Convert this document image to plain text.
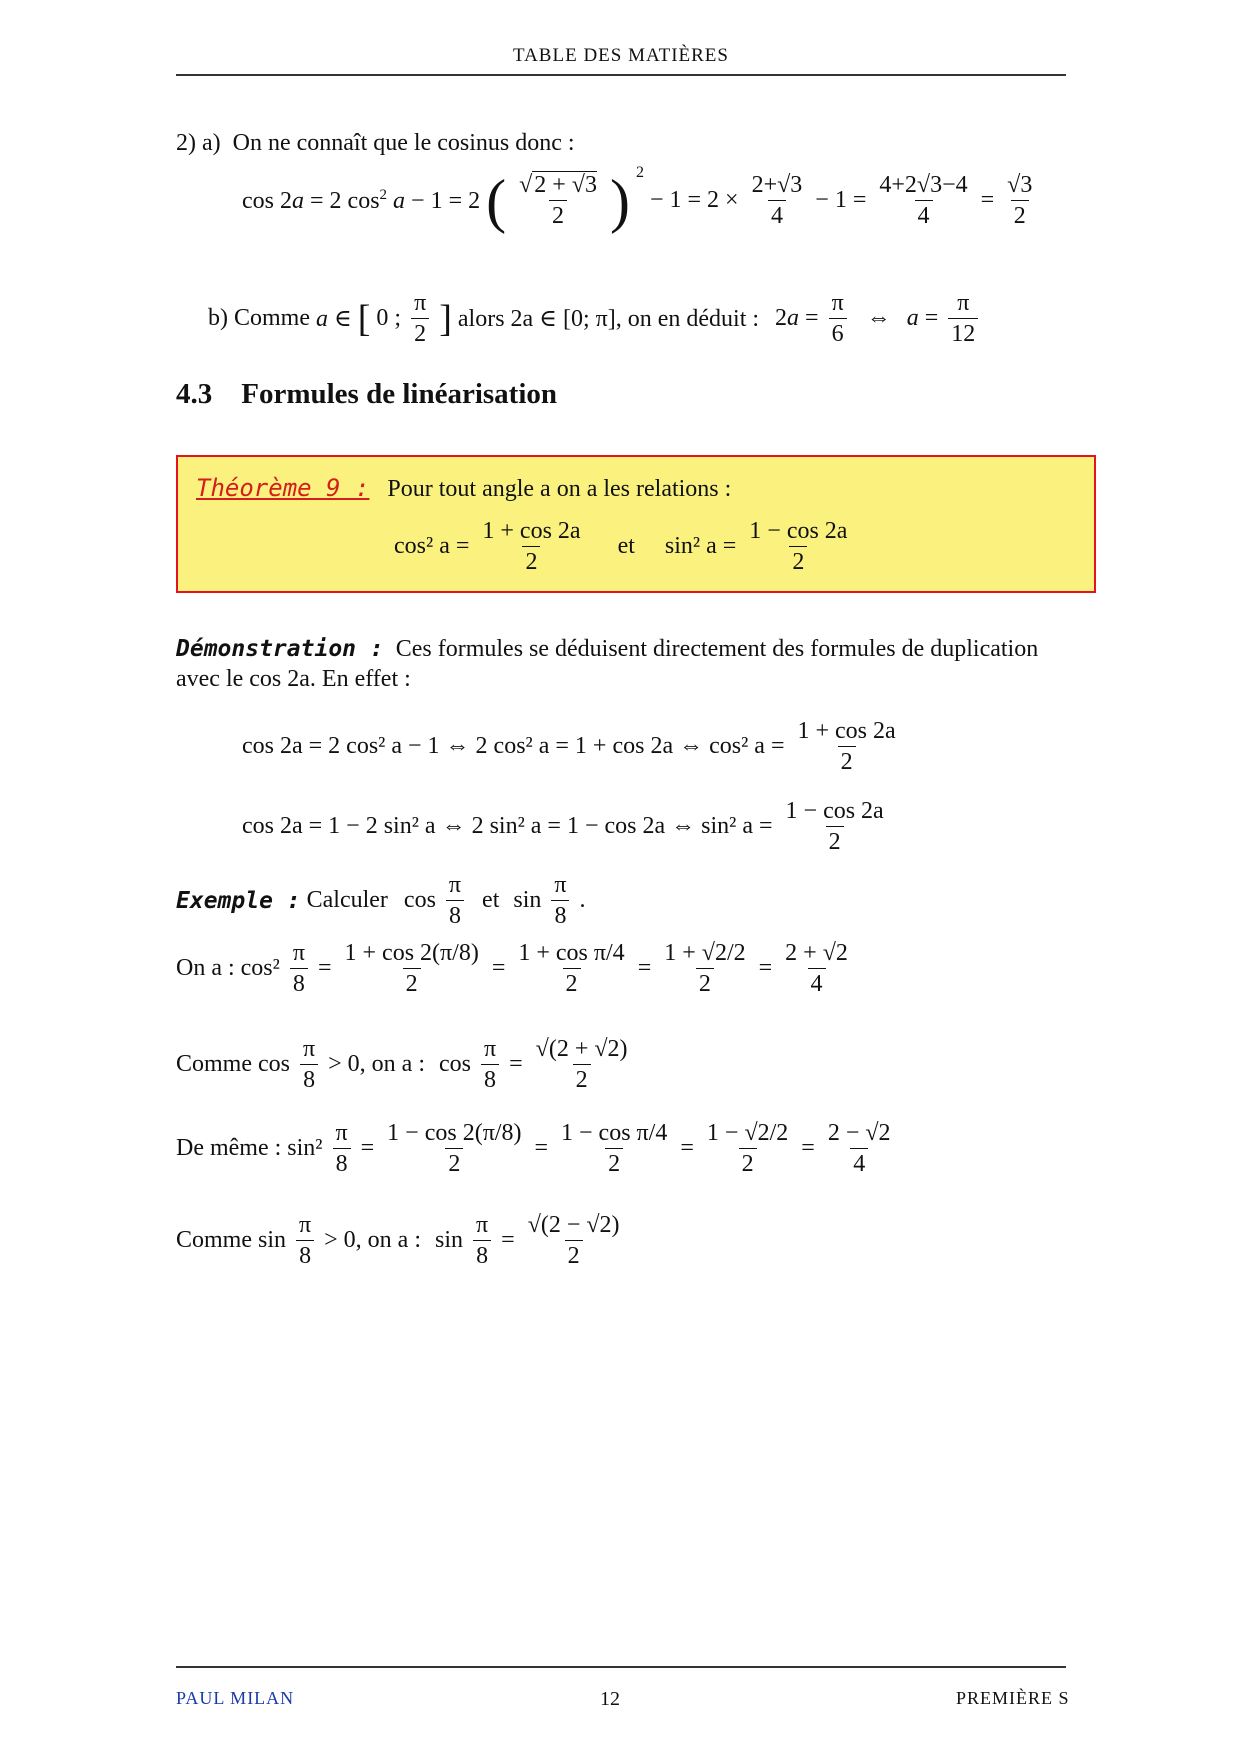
TABLE DES MATIÈRES
2) a) On ne connaît que le cosinus donc :
cos 2a = 2 $\cos^2 a - 1 = 2$ ( $\frac{√2 + √3}{2}$ ) 2
− $1 = 2 \times \frac{2+√3}{4} - 1 = \frac{4+2√3-4}{4} = \frac{√3}{2}$
b) Comme a ∈ [ 0 ; $\frac{\pi}{2}$ ] alors 2a ∈ [0; π], on en déduit : $2a = \frac{\pi}{6}$ ⇔ $a = \frac{\pi}{12}$
4.3 Formules de linéarisation
Théorème 9 : Pour tout angle a on a les relations :
cos² $a = \frac{1 + \cos 2a}{2}$ et sin² $a = \frac{1 - \cos 2a}{2}$
Démonstration : Ces formules se déduisent directement des formules de duplication avec le cos 2a. En effet :
cos 2a = 2 cos² a − 1 ⇔ 2 cos² a = 1 + cos 2a ⇔ cos² $a = \frac{1 + \cos 2a}{2}$
cos 2a = 1 − 2 sin² a ⇔ 2 sin² a = 1 − cos 2a ⇔ sin² $a = \frac{1 - \cos 2a}{2}$
Exemple : Calculer $\cos \frac{\pi}{8}$ et $\sin \frac{\pi}{8}$ .
On a : $\cos^2 \frac{\pi}{8} = \frac{1 + \cos 2(\pi/8)}{2} = \frac{\text{1 + cos π/4}}{2} = \frac{1 + √2/2}{2} = \frac{2 + √2}{4}$
Comme $\cos \frac{\pi}{8} > 0$, on a : $\cos \frac{\pi}{8} = \frac{√(2 + √2)}{2}$
De même : $\sin^2 \frac{\pi}{8} = \frac{1 - \cos 2(\pi/8)}{2} = \frac{\text{1 − cos π/4}}{2} = \frac{1 - √2/2}{2} = \frac{2 - √2}{4}$
Comme $\sin \frac{\pi}{8} > 0$, on a : $\sin \frac{\pi}{8} = \frac{√(2 - √2)}{2}$
PAUL MILAN	12	PREMIÈRE S
